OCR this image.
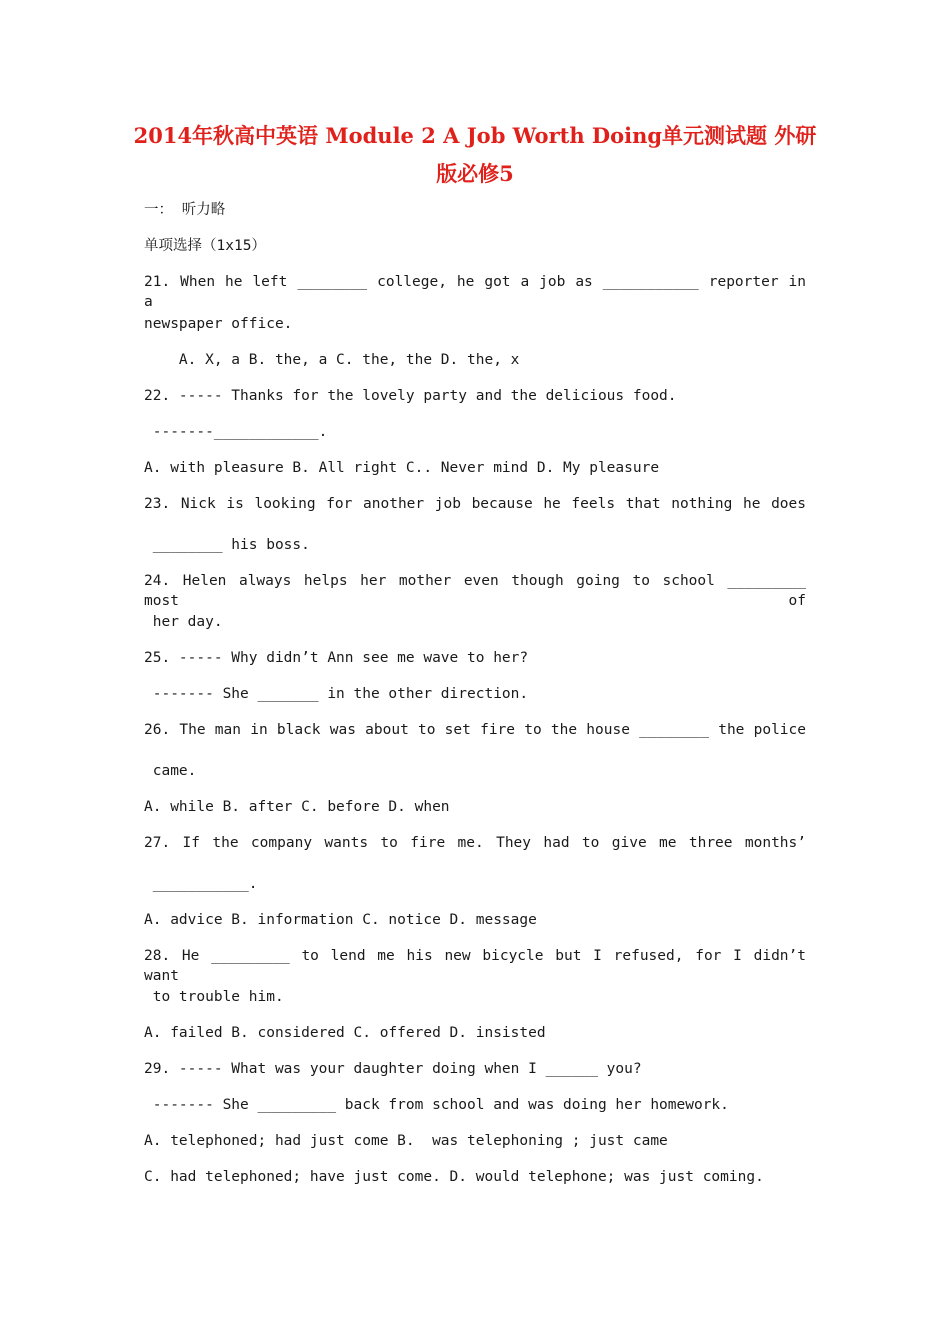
2014年秋高中英语 Module 2 A Job Worth Doing单元测试题 外研
版必修5
一： 听力略
单项选择（1x15）
21. When he left ________ college, he got a job as ___________ reporter in a
newspaper office.
A. X, a B. the, a C. the, the D. the, x
22. ----- Thanks for the lovely party and the delicious food.
-------____________.
A. with pleasure B. All right C.. Never mind D. My pleasure
23. Nick is looking for another job because he feels that nothing he does
________ his boss.
24. Helen always helps her mother even though going to school _________ most of
her day.
25. ----- Why didn’t Ann see me wave to her?
------- She _______ in the other direction.
26. The man in black was about to set fire to the house ________ the police
came.
A. while B. after C. before D. when
27. If the company wants to fire me. They had to give me three months’
___________.
A. advice B. information C. notice D. message
28. He _________ to lend me his new bicycle but I refused, for I didn’t want
to trouble him.
A. failed B. considered C. offered D. insisted
29. ----- What was your daughter doing when I ______ you?
------- She _________ back from school and was doing her homework.
A. telephoned; had just come B.  was telephoning ; just came
C. had telephoned; have just come. D. would telephone; was just coming.
